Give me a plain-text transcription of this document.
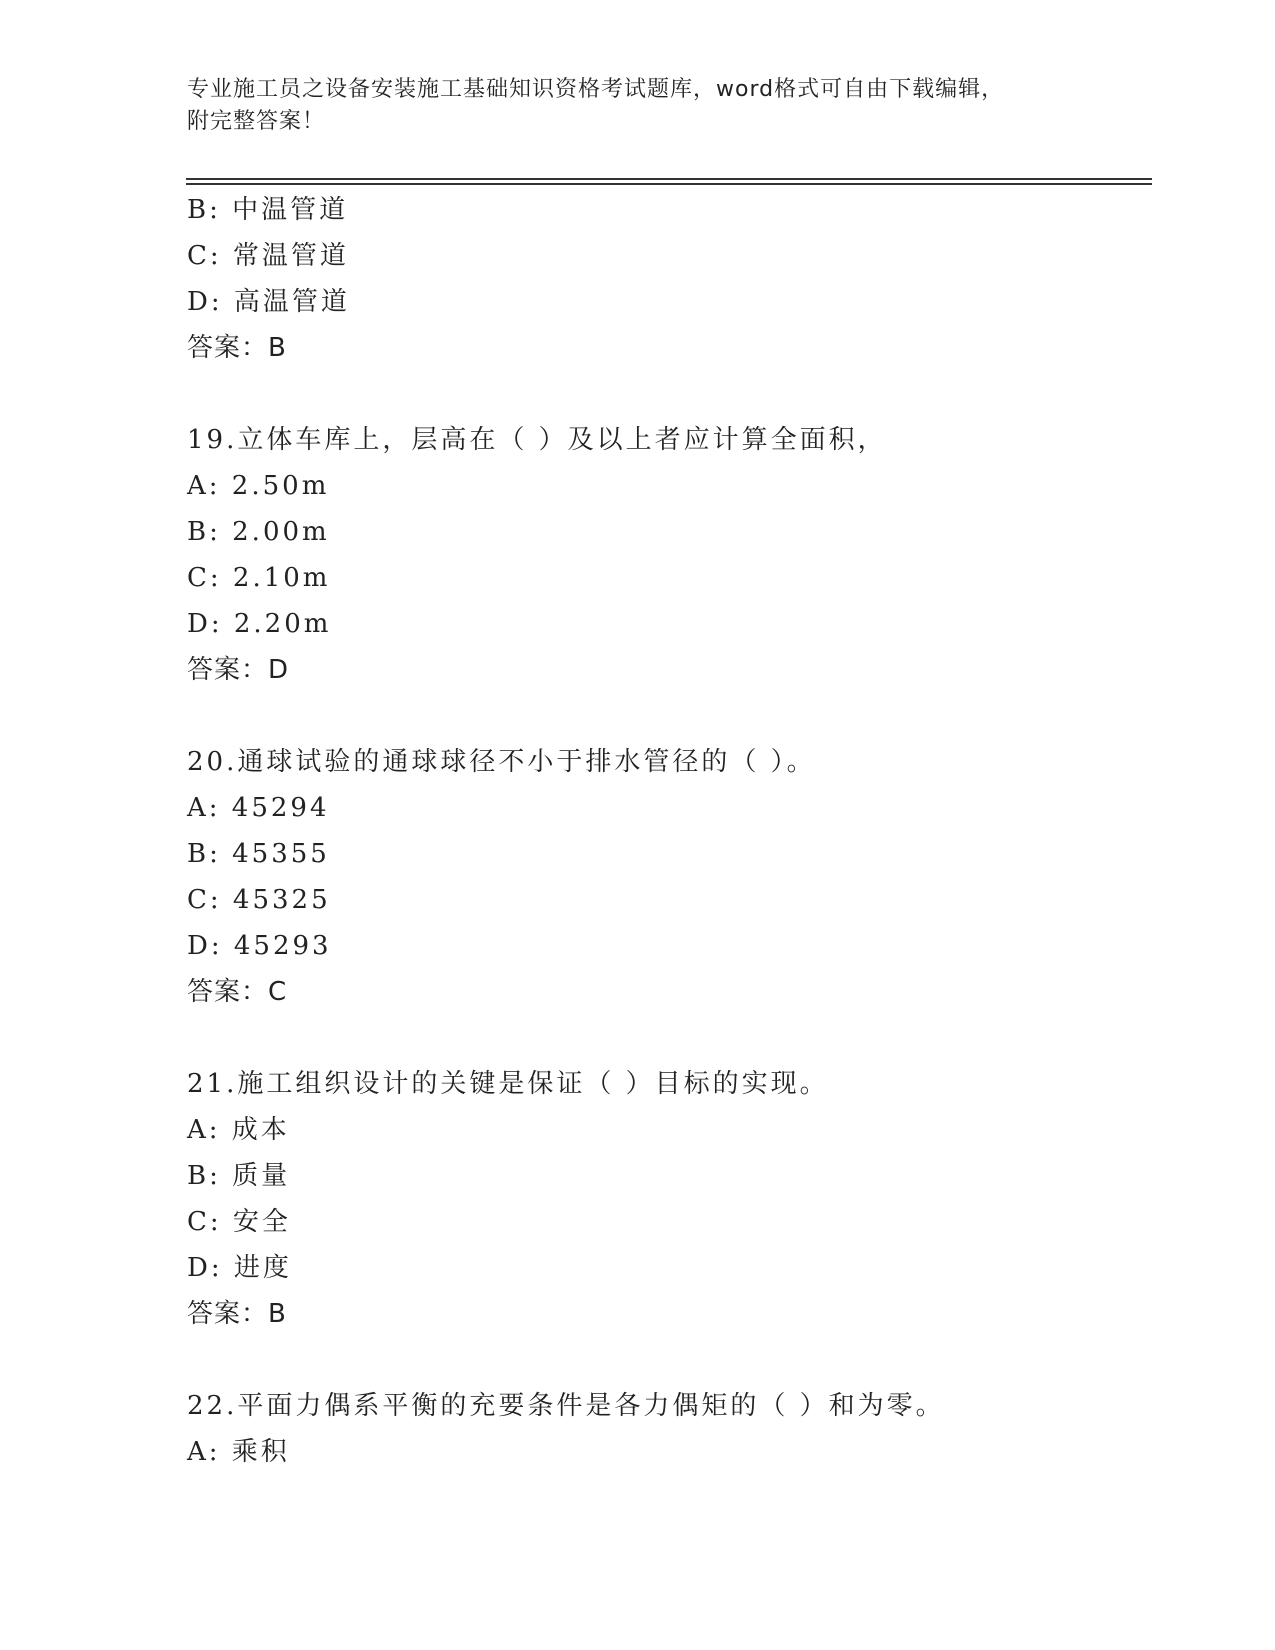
专业施工员之设备安装施工基础知识资格考试题库，word格式可自由下载编辑，
附完整答案！
B: 中温管道
C: 常温管道
D: 高温管道
答案：B
19.立体车库上，层高在（ ）及以上者应计算全面积，
A: 2.50m
B: 2.00m
C: 2.10m
D: 2.20m
答案：D
20.通球试验的通球球径不小于排水管径的（ ）。
A: 45294
B: 45355
C: 45325
D: 45293
答案：C
21.施工组织设计的关键是保证（ ）目标的实现。
A: 成本
B: 质量
C: 安全
D: 进度
答案：B
22.平面力偶系平衡的充要条件是各力偶矩的（ ）和为零。
A: 乘积
